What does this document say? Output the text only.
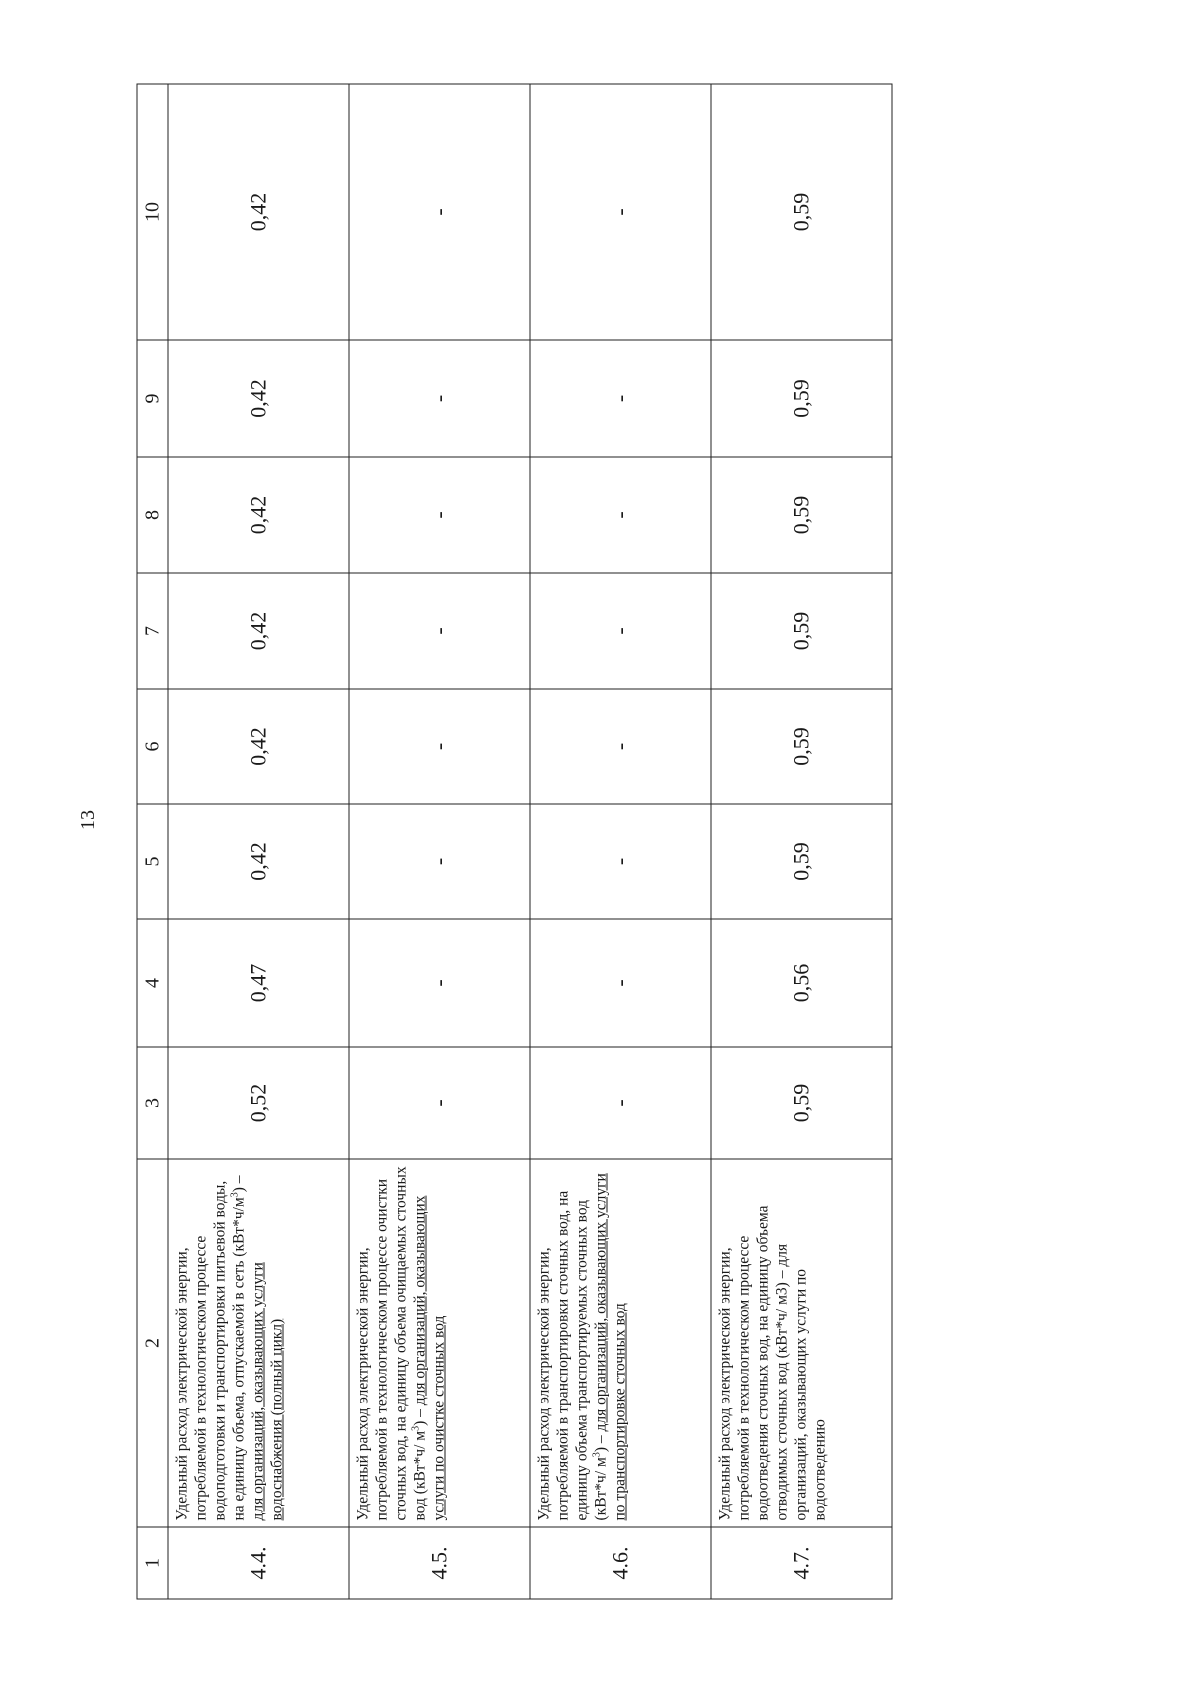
13
1	2	3	4	5	6	7	8	9	10
4.4.	Удельный расход электрической энергии, потребляемой в технологическом процессе водоподготовки и транспортировки питьевой воды, на единицу объема, отпускаемой в сеть $(кВт*ч/м^3)$ – для организаций, оказывающих услуги водоснабжения (полный цикл)	0,52	0,47	0,42	0,42	0,42	0,42	0,42	0,42
4.5.	Удельный расход электрической энергии, потребляемой в технологическом процессе очистки сточных вод, на единицу объема очищаемых сточных вод (кВт*ч/ $м^3$) – для организаций, оказывающих услуги по очистке сточных вод	-	-	-	-	-	-	-	-
4.6.	Удельный расход электрической энергии, потребляемой в транспортировки сточных вод, на единицу объема транспортируемых сточных вод (кВт*ч/ $м^3$) – для организаций, оказывающих услуги по транспортировке сточных вод	-	-	-	-	-	-	-	-
4.7.	Удельный расход электрической энергии, потребляемой в технологическом процессе водоотведения сточных вод, на единицу объема отводимых сточных вод (кВт*ч/ м3) – для организаций, оказывающих услуги по водоотведению	0,59	0,56	0,59	0,59	0,59	0,59	0,59	0,59
